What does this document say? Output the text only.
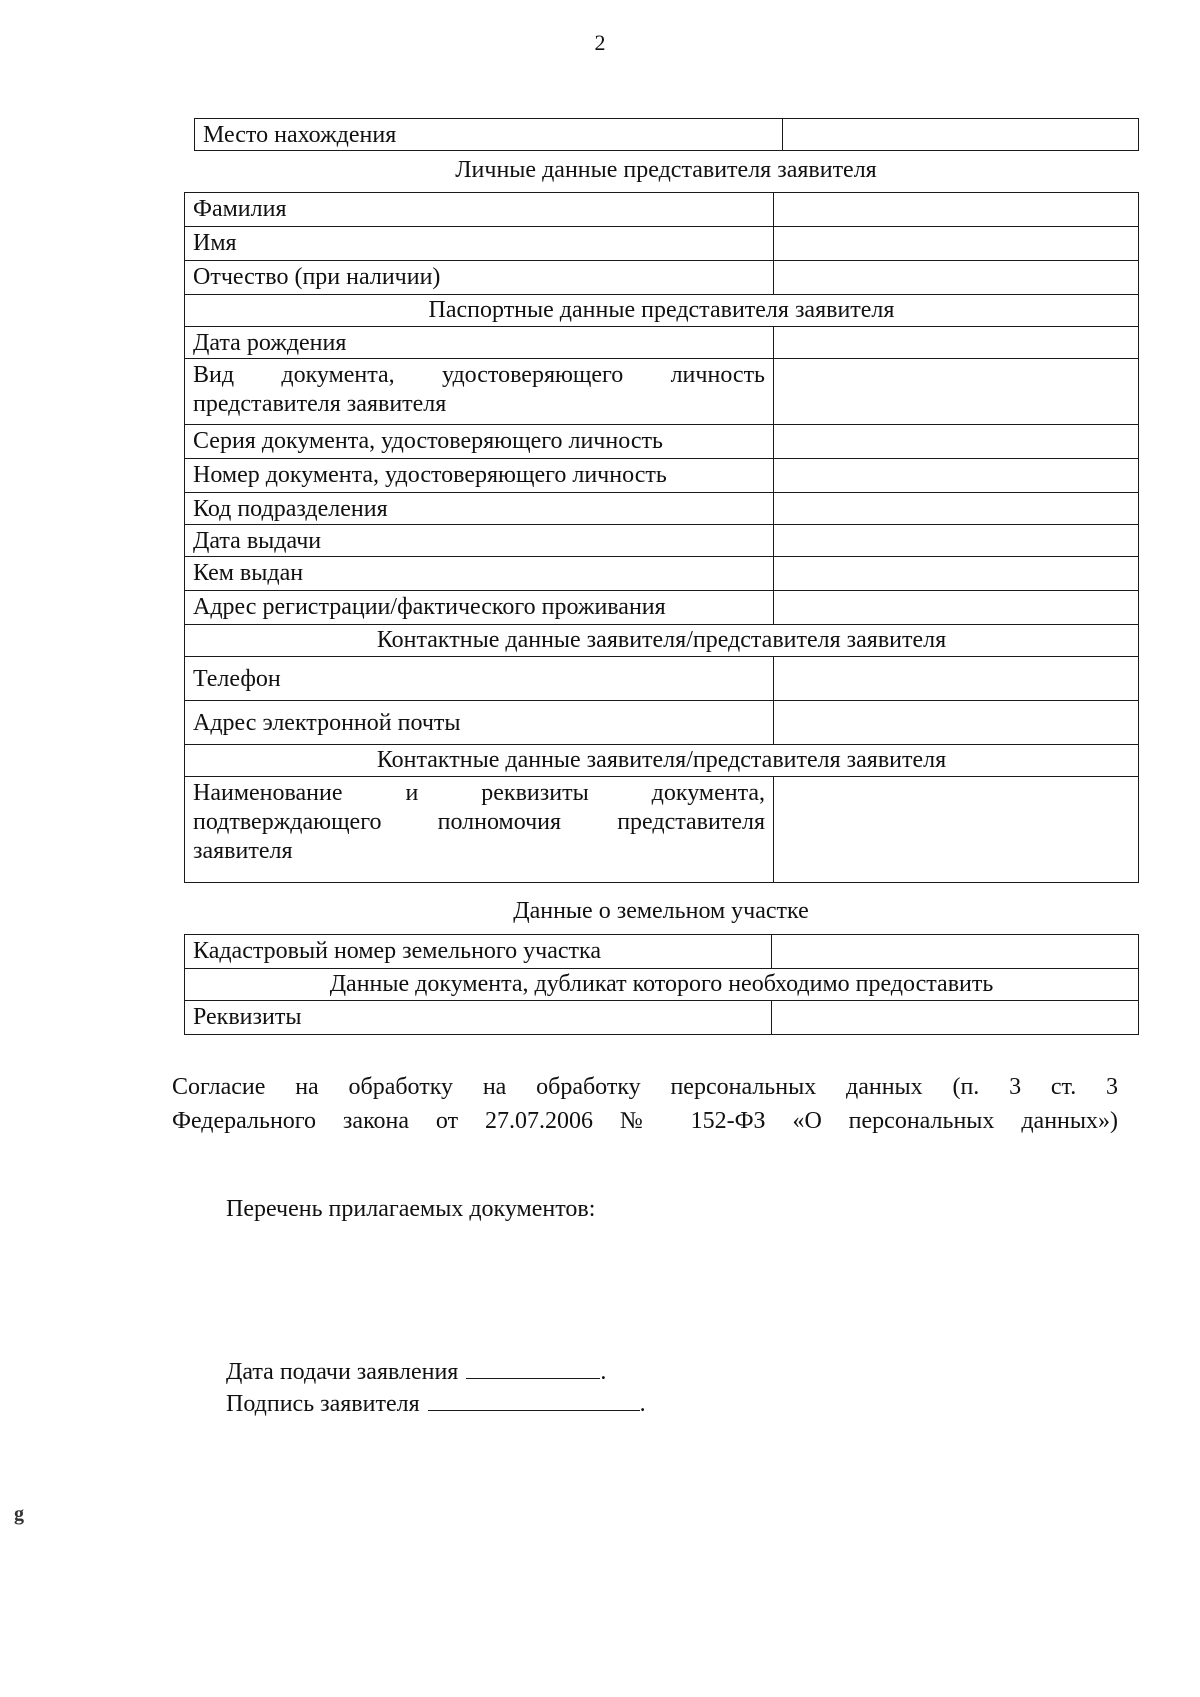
2
Место нахождения	
Личные данные представителя заявителя
Фамилия	
Имя	
Отчество (при наличии)	
Паспортные данные представителя заявителя	
Дата рождения	
Вид документа, удостоверяющего личность представителя заявителя	
Серия документа, удостоверяющего личность	
Номер документа, удостоверяющего личность	
Код подразделения	
Дата выдачи	
Кем выдан	
Адрес регистрации/фактического проживания	
Контактные данные заявителя/представителя заявителя	
Телефон	
Адрес электронной почты	
Контактные данные заявителя/представителя заявителя	
Наименование и реквизиты документа, подтверждающего полномочия представителя заявителя	
Данные о земельном участке
Кадастровый номер земельного участка	
Данные документа, дубликат которого необходимо предоставить	
Реквизиты	
Согласие на обработку на обработку персональных данных (п. 3 ст. 3
Федерального закона от 27.07.2006 № 152-ФЗ «О персональных данных»)
Перечень прилагаемых документов:
Дата подачи заявления	.
Подпись заявителя	.
g
